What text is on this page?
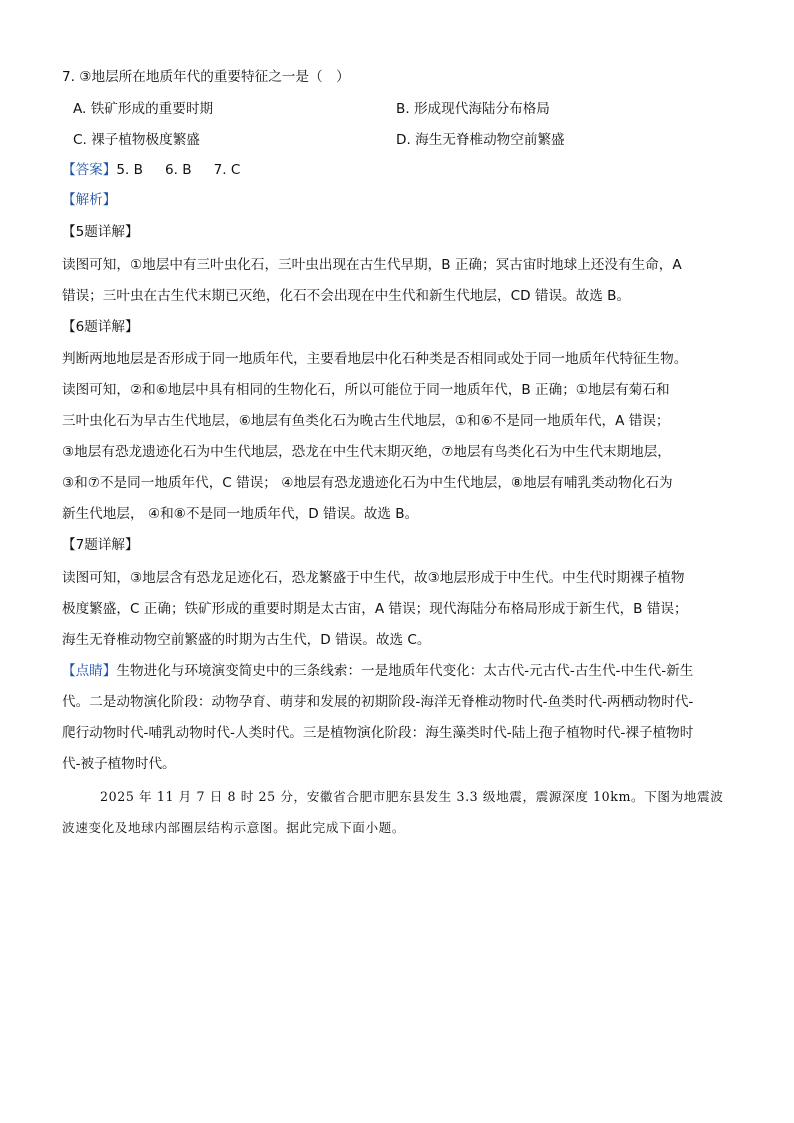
7. ③地层所在地质年代的重要特征之一是（　）
A. 铁矿形成的重要时期	B. 形成现代海陆分布格局
C. 裸子植物极度繁盛	D. 海生无脊椎动物空前繁盛
【答案】5. B 6. B 7. C
【解析】
【5题详解】
读图可知，①地层中有三叶虫化石，三叶虫出现在古生代早期，B 正确；冥古宙时地球上还没有生命，A
错误；三叶虫在古生代末期已灭绝，化石不会出现在中生代和新生代地层，CD 错误。故选 B。
【6题详解】
判断两地地层是否形成于同一地质年代，主要看地层中化石种类是否相同或处于同一地质年代特征生物。
读图可知，②和⑥地层中具有相同的生物化石，所以可能位于同一地质年代，B 正确；①地层有菊石和
三叶虫化石为早古生代地层，⑥地层有鱼类化石为晚古生代地层，①和⑥不是同一地质年代，A 错误；
③地层有恐龙遗迹化石为中生代地层，恐龙在中生代末期灭绝，⑦地层有鸟类化石为中生代末期地层，
③和⑦不是同一地质年代，C 错误； ④地层有恐龙遗迹化石为中生代地层，⑧地层有哺乳类动物化石为
新生代地层， ④和⑧不是同一地质年代，D 错误。故选 B。
【7题详解】
读图可知，③地层含有恐龙足迹化石，恐龙繁盛于中生代，故③地层形成于中生代。中生代时期裸子植物
极度繁盛，C 正确；铁矿形成的重要时期是太古宙，A 错误；现代海陆分布格局形成于新生代，B 错误；
海生无脊椎动物空前繁盛的时期为古生代，D 错误。故选 C。
【点睛】生物进化与环境演变简史中的三条线索：一是地质年代变化：太古代-元古代-古生代-中生代-新生
代。二是动物演化阶段：动物孕育、萌芽和发展的初期阶段-海洋无脊椎动物时代-鱼类时代-两栖动物时代-
爬行动物时代-哺乳动物时代-人类时代。三是植物演化阶段：海生藻类时代-陆上孢子植物时代-裸子植物时
代-被子植物时代。
2025 年 11 月 7 日 8 时 25 分，安徽省合肥市肥东县发生 3.3 级地震，震源深度 10km。下图为地震波
波速变化及地球内部圈层结构示意图。据此完成下面小题。
